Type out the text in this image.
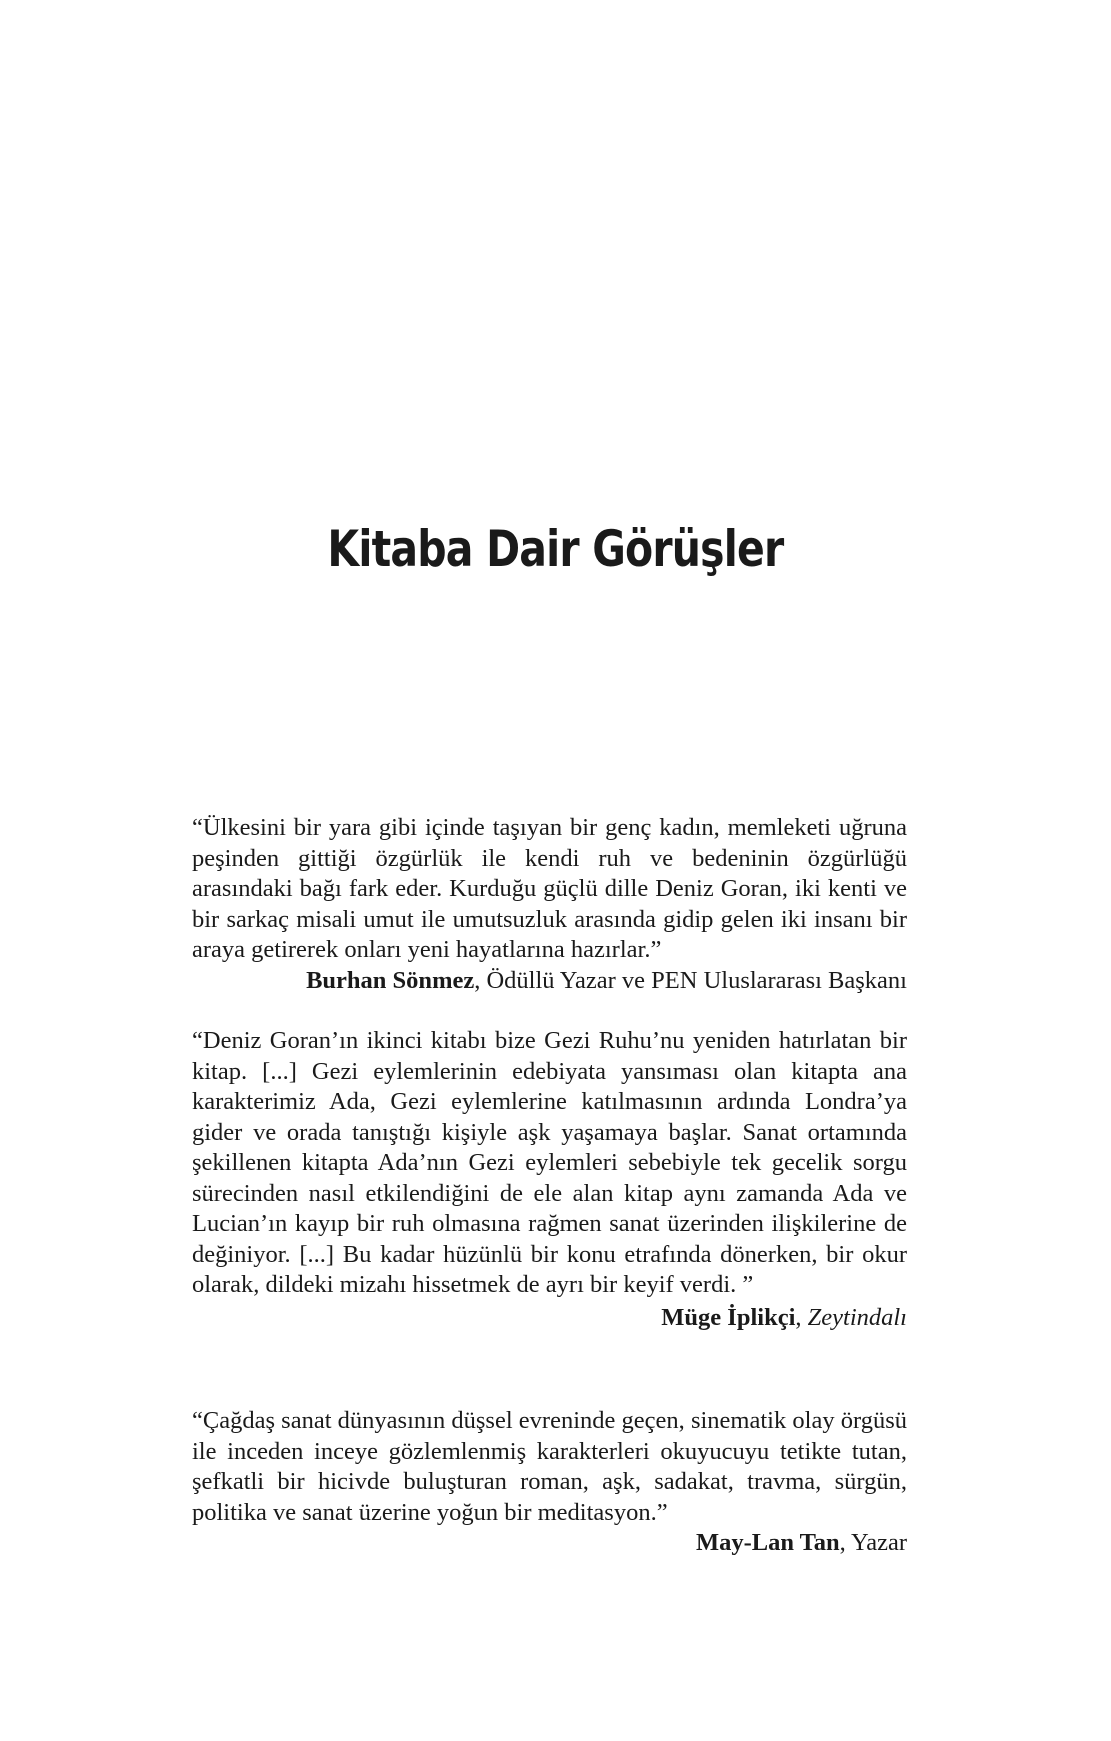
Kitaba Dair Görüşler

“Ülkesini bir yara gibi içinde taşıyan bir genç kadın, memleketi uğruna peşinden gittiği özgürlük ile kendi ruh ve bedeninin özgürlüğü arasındaki bağı fark eder. Kurduğu güçlü dille Deniz Goran, iki kenti ve bir sarkaç misali umut ile umutsuzluk arasında gidip gelen iki insanı bir araya getirerek onları yeni hayatlarına hazırlar.”

Burhan Sönmez, Ödüllü Yazar ve PEN Uluslararası Başkanı

“Deniz Goran’ın ikinci kitabı bize Gezi Ruhu’nu yeniden hatırlatan bir kitap. [...] Gezi eylemlerinin edebiyata yansıması olan kitapta ana karakterimiz Ada, Gezi eylemlerine katılmasının ardında Londra’ya gider ve orada tanıştığı kişiyle aşk yaşamaya başlar. Sanat ortamında şekillenen kitapta Ada’nın Gezi eylemleri sebebiyle tek gecelik sorgu sürecinden nasıl etkilendiğini de ele alan kitap aynı zamanda Ada ve Lucian’ın kayıp bir ruh olmasına rağmen sanat üzerinden ilişkilerine de değiniyor. [...] Bu kadar hüzünlü bir konu etrafında dönerken, bir okur olarak, dildeki mizahı hissetmek de ayrı bir keyif verdi. ”

Müge İplikçi, Zeytindalı

“Çağdaş sanat dünyasının düşsel evreninde geçen, sinematik olay örgüsü ile inceden inceye gözlemlenmiş karakterleri okuyucuyu tetikte tutan, şefkatli bir hicivde buluşturan roman, aşk, sadakat, travma, sürgün, politika ve sanat üzerine yoğun bir meditasyon.”

May-Lan Tan, Yazar
